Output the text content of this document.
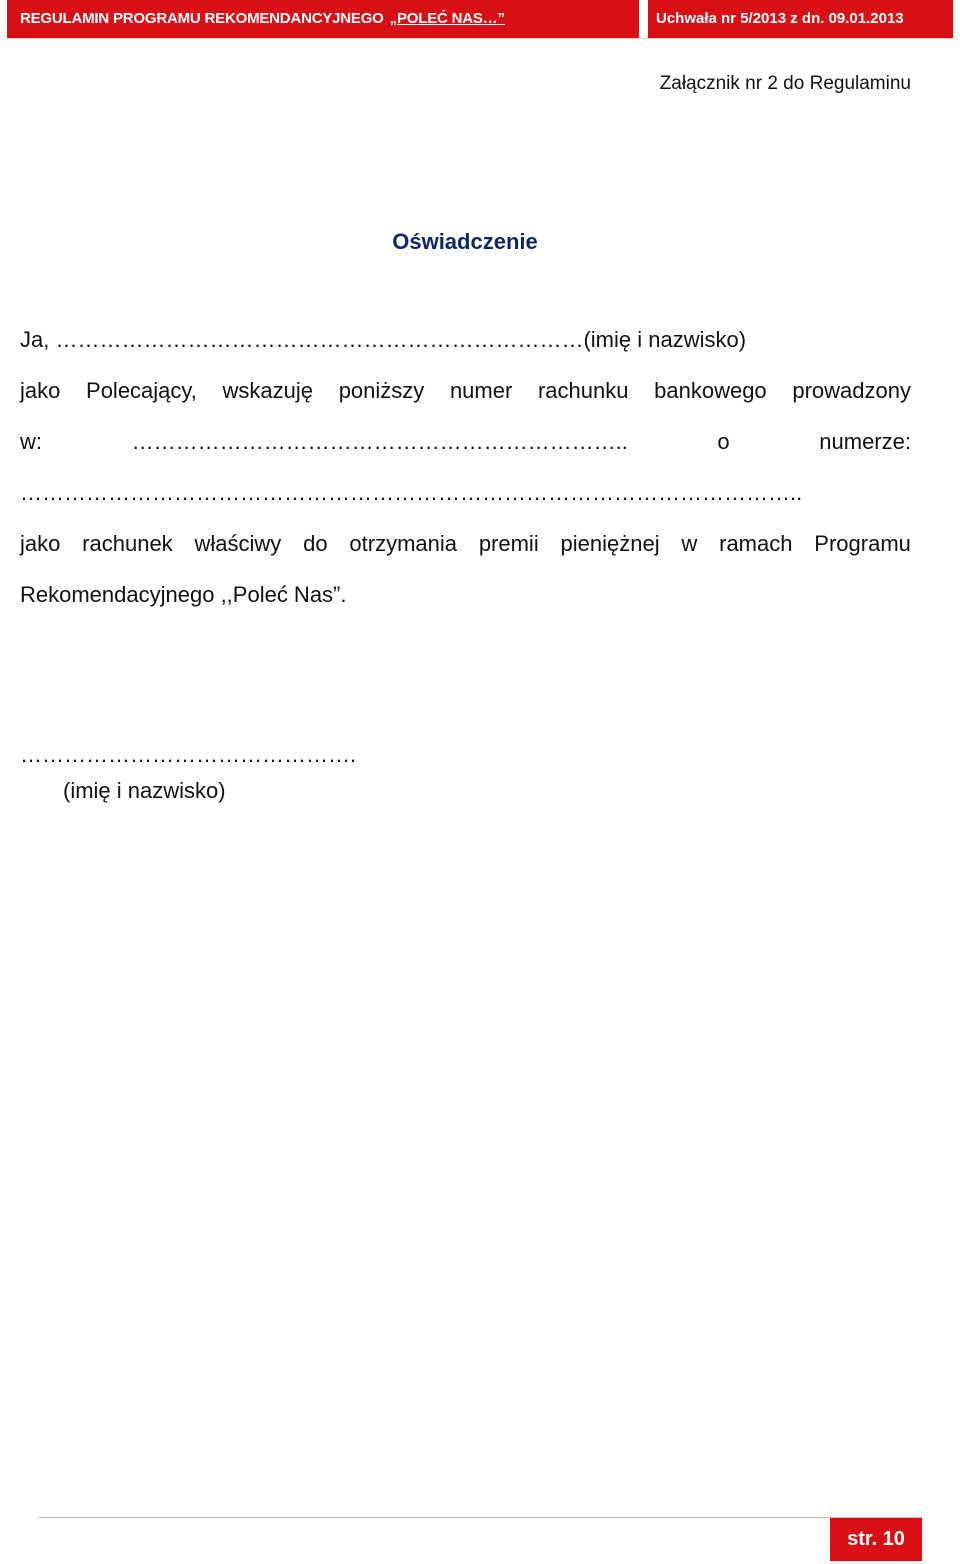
REGULAMIN PROGRAMU REKOMENDANCYJNEGO „POLEĆ NAS…”	Uchwała nr 5/2013 z dn. 09.01.2013
Załącznik nr 2 do Regulaminu
Oświadczenie
Ja, ………………………………………………………………(imię i nazwisko)
jako Polecający, wskazuję poniższy numer rachunku bankowego prowadzony
w:	…………………………………………………………..	o	numerze:
……………………………………………………………………………………………..
jako rachunek właściwy do otrzymania premii pieniężnej w ramach Programu
Rekomendacyjnego ,,Poleć Nas”.
……………………………………….
(imię i nazwisko)
str. 10
